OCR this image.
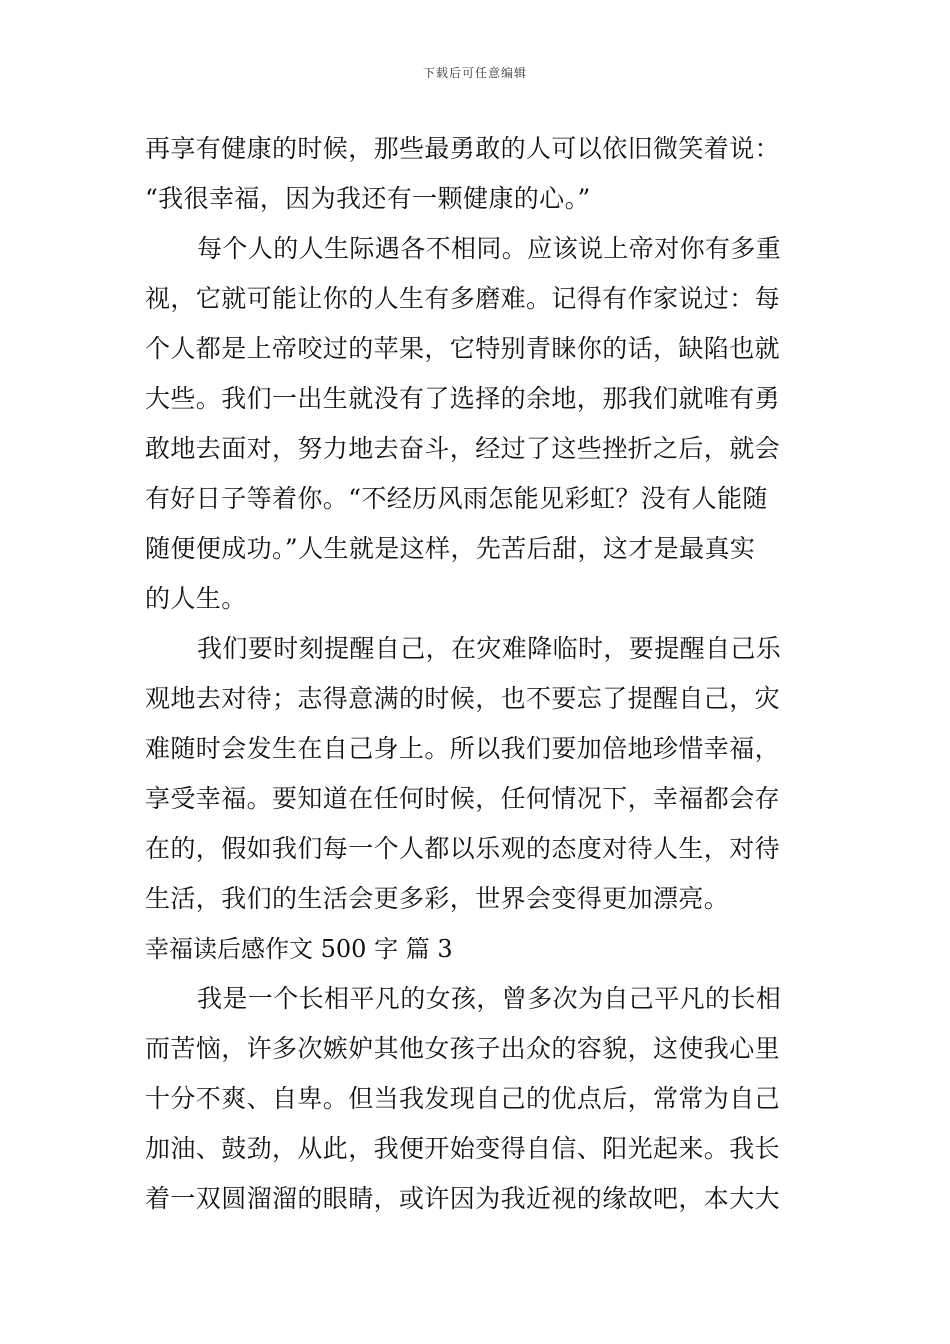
下载后可任意编辑
再享有健康的时候，那些最勇敢的人可以依旧微笑着说：
“我很幸福，因为我还有一颗健康的心。”
每个人的人生际遇各不相同。应该说上帝对你有多重
视，它就可能让你的人生有多磨难。记得有作家说过：每
个人都是上帝咬过的苹果，它特别青睐你的话，缺陷也就
大些。我们一出生就没有了选择的余地，那我们就唯有勇
敢地去面对，努力地去奋斗，经过了这些挫折之后，就会
有好日子等着你。“不经历风雨怎能见彩虹？没有人能随
随便便成功。”人生就是这样，先苦后甜，这才是最真实
的人生。
我们要时刻提醒自己，在灾难降临时，要提醒自己乐
观地去对待；志得意满的时候，也不要忘了提醒自己，灾
难随时会发生在自己身上。所以我们要加倍地珍惜幸福，
享受幸福。要知道在任何时候，任何情况下，幸福都会存
在的，假如我们每一个人都以乐观的态度对待人生，对待
生活，我们的生活会更多彩，世界会变得更加漂亮。
幸福读后感作文 500 字 篇 3
我是一个长相平凡的女孩，曾多次为自己平凡的长相
而苦恼，许多次嫉妒其他女孩子出众的容貌，这使我心里
十分不爽、自卑。但当我发现自己的优点后，常常为自己
加油、鼓劲，从此，我便开始变得自信、阳光起来。我长
着一双圆溜溜的眼睛，或许因为我近视的缘故吧，本大大
